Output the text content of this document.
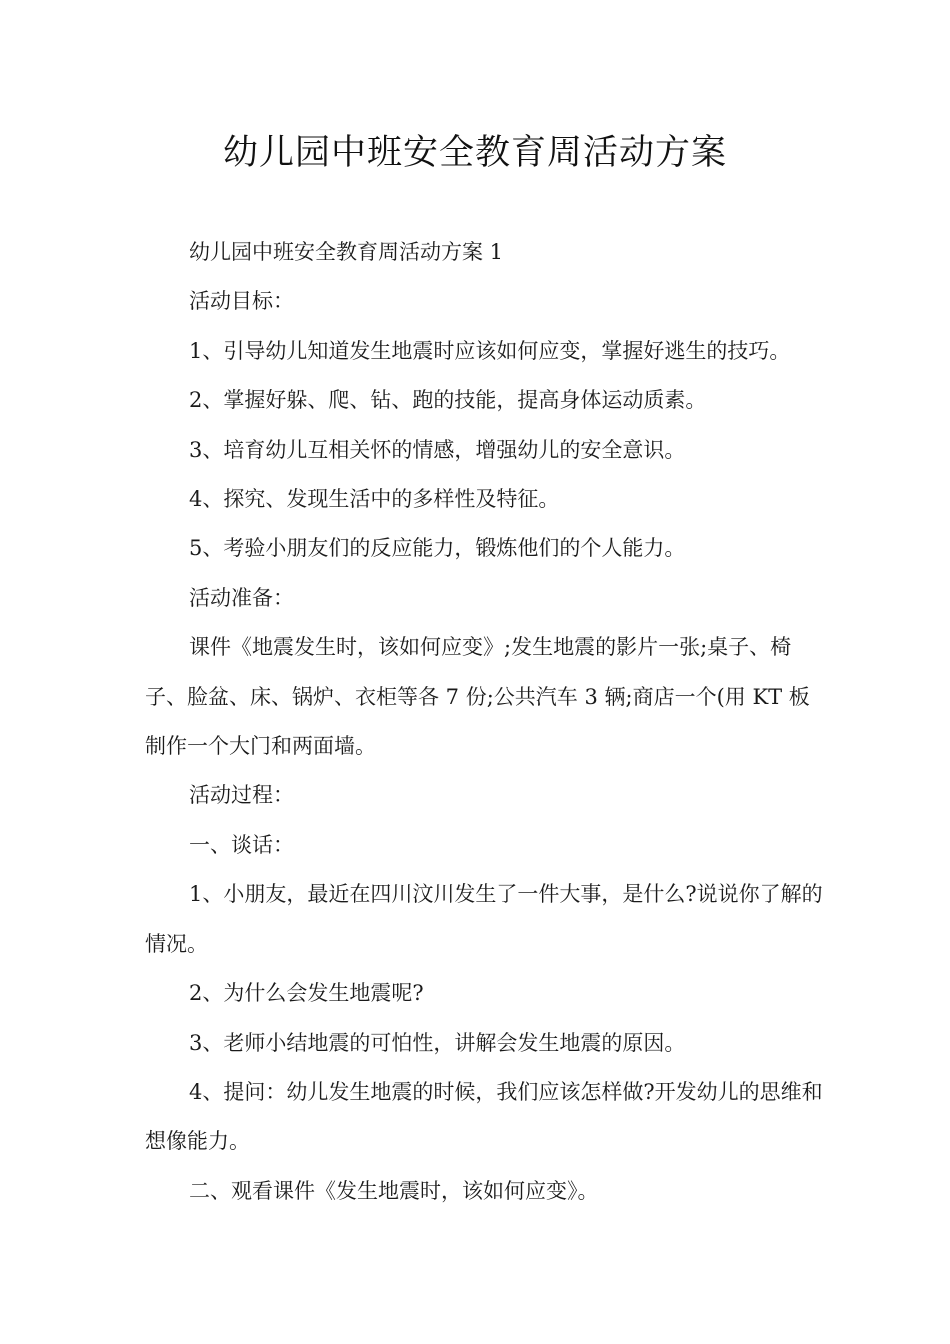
幼儿园中班安全教育周活动方案

幼儿园中班安全教育周活动方案 1

活动目标：

1、引导幼儿知道发生地震时应该如何应变，掌握好逃生的技巧。

2、掌握好躲、爬、钻、跑的技能，提高身体运动质素。

3、培育幼儿互相关怀的情感，增强幼儿的安全意识。

4、探究、发现生活中的多样性及特征。

5、考验小朋友们的反应能力，锻炼他们的个人能力。

活动准备：

课件《地震发生时，该如何应变》;发生地震的影片一张;桌子、椅子、脸盆、床、锅炉、衣柜等各 7 份;公共汽车 3 辆;商店一个(用 KT 板制作一个大门和两面墙。

活动过程：

一、谈话：

1、小朋友，最近在四川汶川发生了一件大事，是什么?说说你了解的情况。

2、为什么会发生地震呢?

3、老师小结地震的可怕性，讲解会发生地震的原因。

4、提问：幼儿发生地震的时候，我们应该怎样做?开发幼儿的思维和想像能力。

二、观看课件《发生地震时，该如何应变》。
